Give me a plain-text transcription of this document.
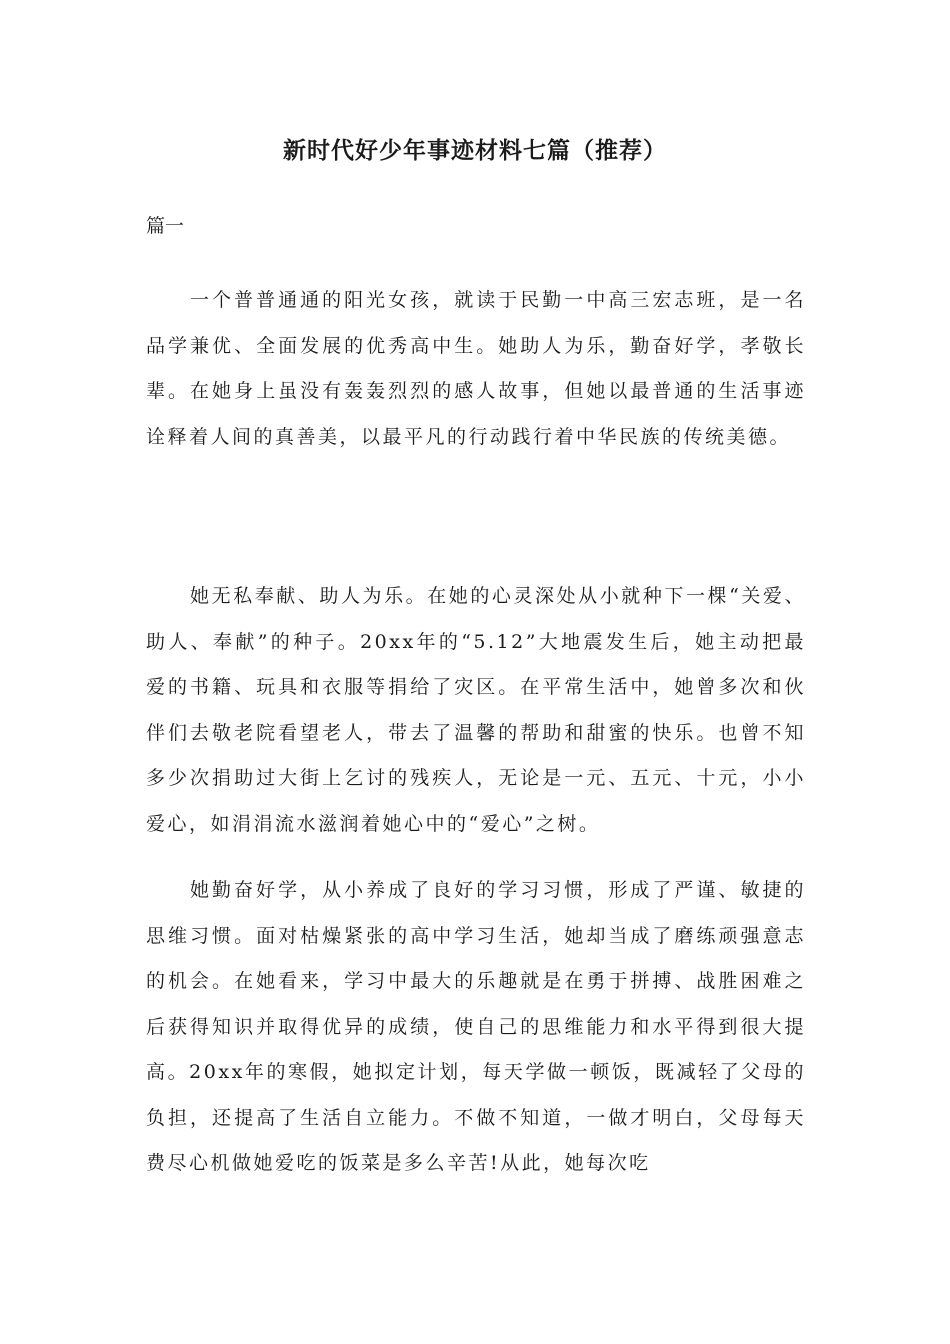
新时代好少年事迹材料七篇（推荐）

篇一

一个普普通通的阳光女孩，就读于民勤一中高三宏志班，是一名品学兼优、全面发展的优秀高中生。她助人为乐，勤奋好学，孝敬长辈。在她身上虽没有轰轰烈烈的感人故事，但她以最普通的生活事迹诠释着人间的真善美，以最平凡的行动践行着中华民族的传统美德。

她无私奉献、助人为乐。在她的心灵深处从小就种下一棵“关爱、助人、奉献”的种子。20xx年的“5.12”大地震发生后，她主动把最爱的书籍、玩具和衣服等捐给了灾区。在平常生活中，她曾多次和伙伴们去敬老院看望老人，带去了温馨的帮助和甜蜜的快乐。也曾不知多少次捐助过大街上乞讨的残疾人，无论是一元、五元、十元，小小爱心，如涓涓流水滋润着她心中的“爱心”之树。

她勤奋好学，从小养成了良好的学习习惯，形成了严谨、敏捷的思维习惯。面对枯燥紧张的高中学习生活，她却当成了磨练顽强意志的机会。在她看来，学习中最大的乐趣就是在勇于拼搏、战胜困难之后获得知识并取得优异的成绩，使自己的思维能力和水平得到很大提高。20xx年的寒假，她拟定计划，每天学做一顿饭，既减轻了父母的负担，还提高了生活自立能力。不做不知道，一做才明白，父母每天费尽心机做她爱吃的饭菜是多么辛苦!从此，她每次吃
